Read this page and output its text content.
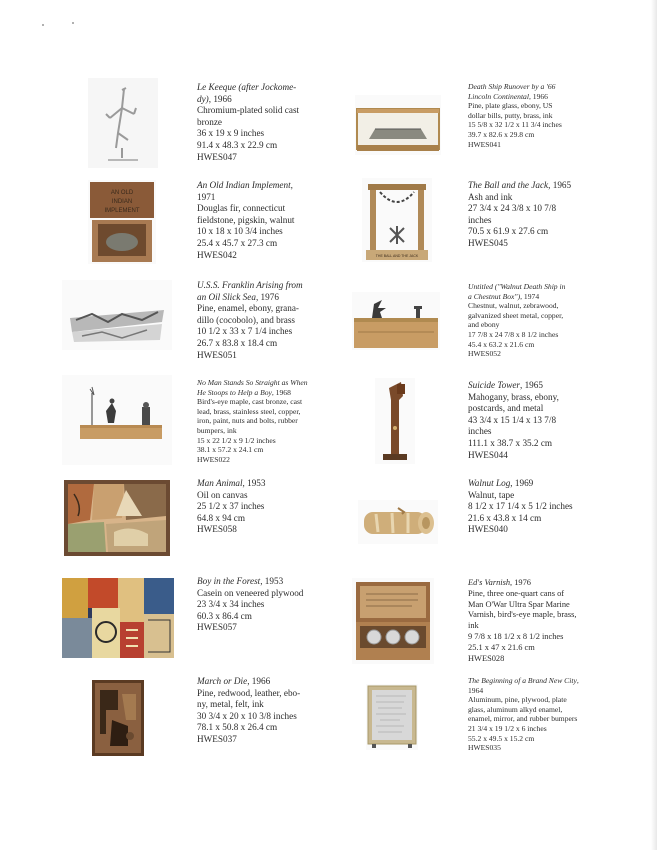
AN OLD
INDIAN
IMPLEMENT
THE BALL AND THE JACK
Le Keeque (after Jockome-
dy), 1966
Chromium-plated solid cast
bronze
36 x 19 x 9 inches
91.4 x 48.3 x 22.9 cm
HWES047
An Old Indian Implement,
1971
Douglas fir, connecticut
fieldstone, pigskin, walnut
10 x 18 x 10 3/4 inches
25.4 x 45.7 x 27.3 cm
HWES042
U.S.S. Franklin Arising from
an Oil Slick Sea, 1976
Pine, enamel, ebony, grana-
dillo (cocobolo), and brass
10 1/2 x 33 x 7 1/4 inches
26.7 x 83.8 x 18.4 cm
HWES051
No Man Stands So Straight as When
He Stoops to Help a Boy, 1968
Bird's-eye maple, cast bronze, cast
lead, brass, stainless steel, copper,
iron, paint, nuts and bolts, rubber
bumpers, ink
15 x 22 1/2 x 9 1/2 inches
38.1 x 57.2 x 24.1 cm
HWES022
Man Animal, 1953
Oil on canvas
25 1/2 x 37 inches
64.8 x 94 cm
HWES058
Boy in the Forest, 1953
Casein on veneered plywood
23 3/4 x 34 inches
60.3 x 86.4 cm
HWES057
March or Die, 1966
Pine, redwood, leather, ebo-
ny, metal, felt, ink
30 3/4 x 20 x 10 3/8 inches
78.1 x 50.8 x 26.4 cm
HWES037
Death Ship Runover by a '66
Lincoln Continental, 1966
Pine, plate glass, ebony, US
dollar bills, putty, brass, ink
15 5/8 x 32 1/2 x 11 3/4 inches
39.7 x 82.6 x 29.8 cm
HWES041
The Ball and the Jack, 1965
Ash and ink
27 3/4 x 24 3/8 x 10 7/8
inches
70.5 x 61.9 x 27.6 cm
HWES045
Untitled ("Walnut Death Ship in
a Chestnut Box"), 1974
Chestnut, walnut, zebrawood,
galvanized sheet metal, copper,
and ebony
17 7/8 x 24 7/8 x 8 1/2 inches
45.4 x 63.2 x 21.6 cm
HWES052
Suicide Tower, 1965
Mahogany, brass, ebony,
postcards, and metal
43 3/4 x 15 1/4 x 13 7/8
inches
111.1 x 38.7 x 35.2 cm
HWES044
Walnut Log, 1969
Walnut, tape
8 1/2 x 17 1/4 x 5 1/2 inches
21.6 x 43.8 x 14 cm
HWES040
Ed's Varnish, 1976
Pine, three one-quart cans of
Man O'War Ultra Spar Marine
Varnish, bird's-eye maple, brass,
ink
9 7/8 x 18 1/2 x 8 1/2 inches
25.1 x 47 x 21.6 cm
HWES028
The Beginning of a Brand New City,
1964
Aluminum, pine, plywood, plate
glass, aluminum alkyd enamel,
enamel, mirror, and rubber bumpers
21 3/4 x 19 1/2 x 6 inches
55.2 x 49.5 x 15.2 cm
HWES035
